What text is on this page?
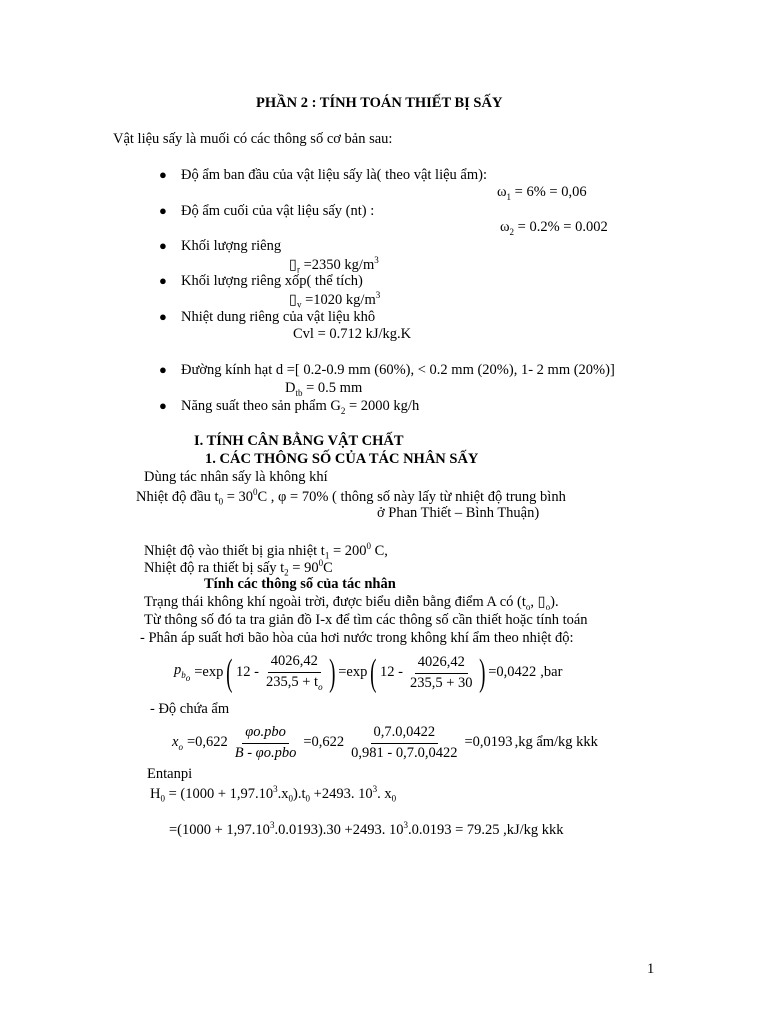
PHẦN 2 : TÍNH TOÁN THIẾT BỊ SẤY
Vật liệu sấy là muối có các thông số cơ bản sau:
● Độ ẩm ban đầu của vật liệu sấy là( theo vật liệu ẩm):
$\omega_1 = 6\% = 0,06$
● Độ ẩm cuối của vật liệu sấy (nt) :
$\omega_2 = 0.2\% = 0.002$
● Khối lượng riêng
$▯_r =2350$ $kg/m^3$
● Khối lượng riêng xốp( thể tích)
$▯_v =1020$ $kg/m^3$
● Nhiệt dung riêng của vật liệu khô
Cvl = 0.712 kJ/kg.K
● Đường kính hạt d =[ 0.2-0.9 mm (60%), < 0.2 mm (20%), 1- 2 mm (20%)]
$D_{tb} = 0.5$ mm
● Năng suất theo sản phẩm $G_2 = 2000$ kg/h
I. TÍNH CÂN BẰNG VẬT CHẤT
1. CÁC THÔNG SỐ CỦA TÁC NHÂN SẤY
Dùng tác nhân sấy là không khí
Nhiệt độ đầu $t_0 = 30^0C$ , φ = 70% ( thông số này lấy từ nhiệt độ trung bình
ở Phan Thiết – Bình Thuận)
Nhiệt độ vào thiết bị gia nhiệt $t_1 = 200^0$ C,
Nhiệt độ ra thiết bị sấy $t_2 = 90^0C$
Tính các thông số của tác nhân
Trạng thái không khí ngoài trời, được biểu diễn bằng điểm A có ($t_o$, $▯_o$).
Từ thông số đó ta tra giản đồ I-x để tìm các thông số cần thiết hoặc tính toán
- Phân áp suất hơi bão hòa của hơi nước trong không khí ẩm theo nhiệt độ:
$p_{b_o} =\exp$ ( $12 - \frac{4026,42}{235,5 + t_o}$ ) =exp ( $12 - \frac{4026,42}{235,5 + 30}$ ) =0,0422 ,bar
- Độ chứa ẩm
$x_o =0,622 \frac{\text{φo.pbo}}{\text{B - φo.pbo}} =0,622 \frac{0,7.0,0422}{0,981 - 0,7.0,0422} =0,0193$ ,kg ẩm/kg kkk
Entanpi
$H_0 = (1000 + 1,97.10^3.x_0).t_0 +2493$. $10^3$. $x_0$
$=(1000 + 1,97.10^3.0.0193).30 +2493$. $10^3.0.0193 = 79.25$ ,kJ/kg kkk
1
